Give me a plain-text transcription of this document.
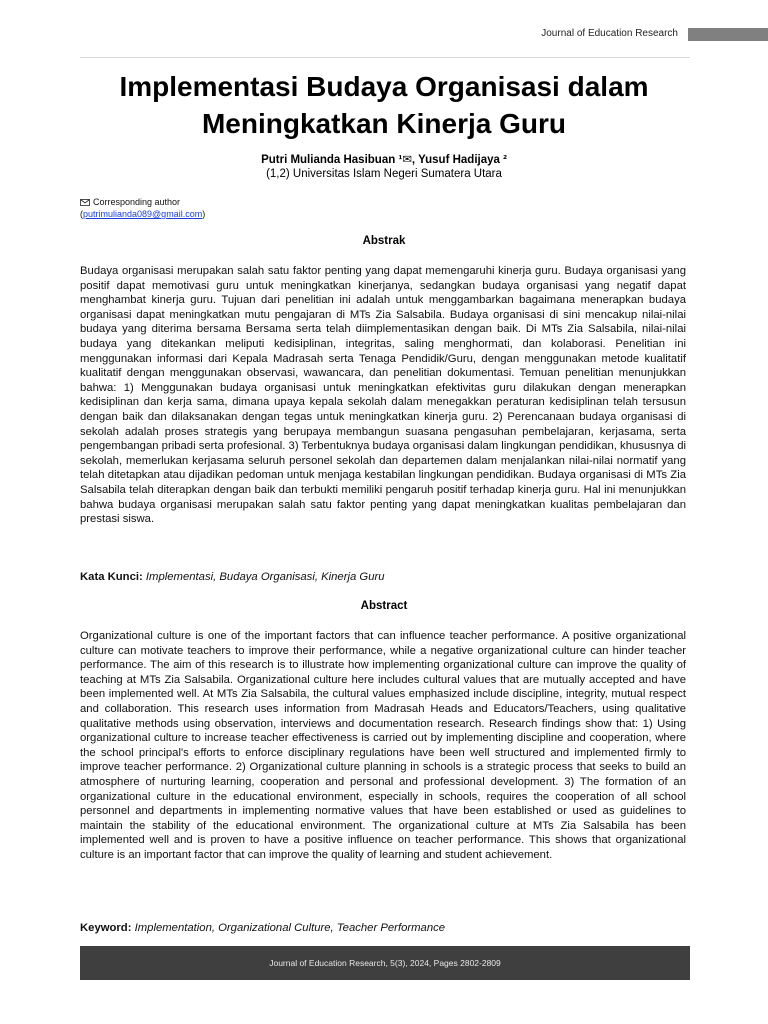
Journal of Education Research
Implementasi Budaya Organisasi dalam
Meningkatkan Kinerja Guru
Putri Mulianda Hasibuan ¹✉, Yusuf Hadijaya ²
(1,2) Universitas Islam Negeri Sumatera Utara
Corresponding author
(putrimulianda089@gmail.com)
Abstrak
Budaya organisasi merupakan salah satu faktor penting yang dapat memengaruhi kinerja guru. Budaya organisasi yang positif dapat memotivasi guru untuk meningkatkan kinerjanya, sedangkan budaya organisasi yang negatif dapat menghambat kinerja guru. Tujuan dari penelitian ini adalah untuk menggambarkan bagaimana menerapkan budaya organisasi dapat meningkatkan mutu pengajaran di MTs Zia Salsabila. Budaya organisasi di sini mencakup nilai-nilai budaya yang diterima bersama Bersama serta telah diimplementasikan dengan baik. Di MTs Zia Salsabila, nilai-nilai budaya yang ditekankan meliputi kedisiplinan, integritas, saling menghormati, dan kolaborasi. Penelitian ini menggunakan informasi dari Kepala Madrasah serta Tenaga Pendidik/Guru, dengan menggunakan metode kualitatif kualitatif dengan menggunakan observasi, wawancara, dan penelitian dokumentasi. Temuan penelitian menunjukkan bahwa: 1) Menggunakan budaya organisasi untuk meningkatkan efektivitas guru dilakukan dengan menerapkan kedisiplinan dan kerja sama, dimana upaya kepala sekolah dalam menegakkan peraturan kedisiplinan telah tersusun dengan baik dan dilaksanakan dengan tegas untuk meningkatkan kinerja guru. 2) Perencanaan budaya organisasi di sekolah adalah proses strategis yang berupaya membangun suasana pengasuhan pembelajaran, kerjasama, serta pengembangan pribadi serta profesional. 3) Terbentuknya budaya organisasi dalam lingkungan pendidikan, khususnya di sekolah, memerlukan kerjasama seluruh personel sekolah dan departemen dalam menjalankan nilai-nilai normatif yang telah ditetapkan atau dijadikan pedoman untuk menjaga kestabilan lingkungan pendidikan. Budaya organisasi di MTs Zia Salsabila telah diterapkan dengan baik dan terbukti memiliki pengaruh positif terhadap kinerja guru. Hal ini menunjukkan bahwa budaya organisasi merupakan salah satu faktor penting yang dapat meningkatkan kualitas pembelajaran dan prestasi siswa.
Kata Kunci: Implementasi, Budaya Organisasi, Kinerja Guru
Abstract
Organizational culture is one of the important factors that can influence teacher performance. A positive organizational culture can motivate teachers to improve their performance, while a negative organizational culture can hinder teacher performance. The aim of this research is to illustrate how implementing organizational culture can improve the quality of teaching at MTs Zia Salsabila. Organizational culture here includes cultural values that are mutually accepted and have been implemented well. At MTs Zia Salsabila, the cultural values emphasized include discipline, integrity, mutual respect and collaboration. This research uses information from Madrasah Heads and Educators/Teachers, using qualitative qualitative methods using observation, interviews and documentation research. Research findings show that: 1) Using organizational culture to increase teacher effectiveness is carried out by implementing discipline and cooperation, where the school principal's efforts to enforce disciplinary regulations have been well structured and implemented firmly to improve teacher performance. 2) Organizational culture planning in schools is a strategic process that seeks to build an atmosphere of nurturing learning, cooperation and personal and professional development. 3) The formation of an organizational culture in the educational environment, especially in schools, requires the cooperation of all school personnel and departments in implementing normative values that have been established or used as guidelines to maintain the stability of the educational environment. The organizational culture at MTs Zia Salsabila has been implemented well and is proven to have a positive influence on teacher performance. This shows that organizational culture is an important factor that can improve the quality of learning and student achievement.
Keyword: Implementation, Organizational Culture, Teacher Performance
Journal of Education Research, 5(3), 2024, Pages 2802-2809
